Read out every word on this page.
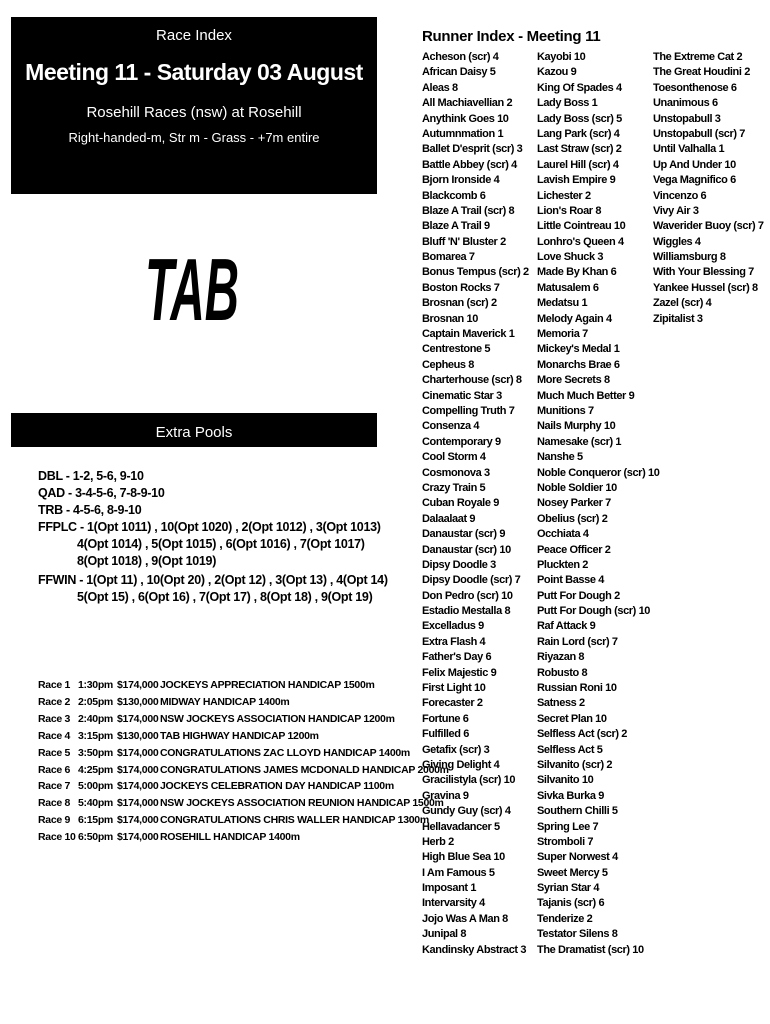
Race Index
Meeting 11 - Saturday 03 August
Rosehill Races (nsw) at Rosehill
Right-handed-m, Str m - Grass - +7m entire
TAB
Extra Pools
DBL - 1-2, 5-6, 9-10
QAD - 3-4-5-6, 7-8-9-10
TRB - 4-5-6, 8-9-10
FFPLC - 1(Opt 1011) , 10(Opt 1020) , 2(Opt 1012) , 3(Opt 1013)
4(Opt 1014) , 5(Opt 1015) , 6(Opt 1016) , 7(Opt 1017)
8(Opt 1018) , 9(Opt 1019)
FFWIN - 1(Opt 11) , 10(Opt 20) , 2(Opt 12) , 3(Opt 13) , 4(Opt 14)
5(Opt 15) , 6(Opt 16) , 7(Opt 17) , 8(Opt 18) , 9(Opt 19)
Race 1 1:30pm $174,000 JOCKEYS APPRECIATION HANDICAP 1500m
Race 2 2:05pm $130,000 MIDWAY HANDICAP 1400m
Race 3 2:40pm $174,000 NSW JOCKEYS ASSOCIATION HANDICAP 1200m
Race 4 3:15pm $130,000 TAB HIGHWAY HANDICAP 1200m
Race 5 3:50pm $174,000 CONGRATULATIONS ZAC LLOYD HANDICAP 1400m
Race 6 4:25pm $174,000 CONGRATULATIONS JAMES MCDONALD HANDICAP 2000m
Race 7 5:00pm $174,000 JOCKEYS CELEBRATION DAY HANDICAP 1100m
Race 8 5:40pm $174,000 NSW JOCKEYS ASSOCIATION REUNION HANDICAP 1500m
Race 9 6:15pm $174,000 CONGRATULATIONS CHRIS WALLER HANDICAP 1300m
Race 10 6:50pm $174,000 ROSEHILL HANDICAP 1400m
Runner Index - Meeting 11
Acheson (scr) 4
African Daisy 5
Aleas 8
All Machiavellian 2
Anythink Goes 10
Autumnmation 1
Ballet D'esprit (scr) 3
Battle Abbey (scr) 4
Bjorn Ironside 4
Blackcomb 6
Blaze A Trail (scr) 8
Blaze A Trail 9
Bluff 'N' Bluster 2
Bomarea 7
Bonus Tempus (scr) 2
Boston Rocks 7
Brosnan (scr) 2
Brosnan 10
Captain Maverick 1
Centrestone 5
Cepheus 8
Charterhouse (scr) 8
Cinematic Star 3
Compelling Truth 7
Consenza 4
Contemporary 9
Cool Storm 4
Cosmonova 3
Crazy Train 5
Cuban Royale 9
Dalaalaat 9
Danaustar (scr) 9
Danaustar (scr) 10
Dipsy Doodle 3
Dipsy Doodle (scr) 7
Don Pedro (scr) 10
Estadio Mestalla 8
Excelladus 9
Extra Flash 4
Father's Day 6
Felix Majestic 9
First Light 10
Forecaster 2
Fortune 6
Fulfilled 6
Getafix (scr) 3
Giving Delight 4
Gracilistyla (scr) 10
Gravina 9
Gundy Guy (scr) 4
Hellavadancer 5
Herb 2
High Blue Sea 10
I Am Famous 5
Imposant 1
Intervarsity 4
Jojo Was A Man 8
Junipal 8
Kandinsky Abstract 3
Kayobi 10
Kazou 9
King Of Spades 4
Lady Boss 1
Lady Boss (scr) 5
Lang Park (scr) 4
Last Straw (scr) 2
Laurel Hill (scr) 4
Lavish Empire 9
Lichester 2
Lion's Roar 8
Little Cointreau 10
Lonhro's Queen 4
Love Shuck 3
Made By Khan 6
Matusalem 6
Medatsu 1
Melody Again 4
Memoria 7
Mickey's Medal 1
Monarchs Brae 6
More Secrets 8
Much Much Better 9
Munitions 7
Nails Murphy 10
Namesake (scr) 1
Nanshe 5
Noble Conqueror (scr) 10
Noble Soldier 10
Nosey Parker 7
Obelius (scr) 2
Occhiata 4
Peace Officer 2
Pluckten 2
Point Basse 4
Putt For Dough 2
Putt For Dough (scr) 10
Raf Attack 9
Rain Lord (scr) 7
Riyazan 8
Robusto 8
Russian Roni 10
Satness 2
Secret Plan 10
Selfless Act (scr) 2
Selfless Act 5
Silvanito (scr) 2
Silvanito 10
Sivka Burka 9
Southern Chilli 5
Spring Lee 7
Stromboli 7
Super Norwest 4
Sweet Mercy 5
Syrian Star 4
Tajanis (scr) 6
Tenderize 2
Testator Silens 8
The Dramatist (scr) 10
The Extreme Cat 2
The Great Houdini 2
Toesonthenose 6
Unanimous 6
Unstopabull 3
Unstopabull (scr) 7
Until Valhalla 1
Up And Under 10
Vega Magnifico 6
Vincenzo 6
Vivy Air 3
Waverider Buoy (scr) 7
Wiggles 4
Williamsburg 8
With Your Blessing 7
Yankee Hussel (scr) 8
Zazel (scr) 4
Zipitalist 3
